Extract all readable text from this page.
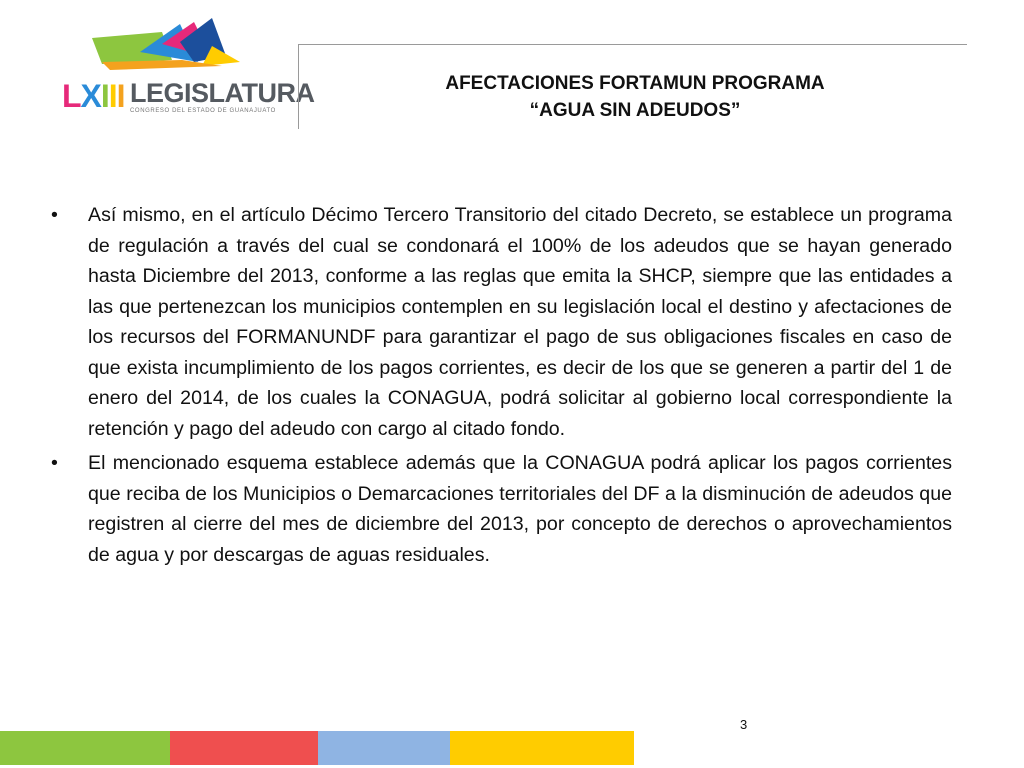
LXIII LEGISLATURA
CONGRESO DEL ESTADO DE GUANAJUATO
AFECTACIONES FORTAMUN PROGRAMA
“AGUA SIN ADEUDOS”
• Así mismo, en el artículo Décimo Tercero Transitorio del citado Decreto, se establece un programa de regulación a través del cual se condonará el 100% de los adeudos que se hayan generado hasta Diciembre del 2013, conforme a las reglas que emita la SHCP, siempre que las entidades a las que pertenezcan los municipios contemplen en su legislación local el destino y afectaciones de los recursos del FORMANUNDF para garantizar el pago de sus obligaciones fiscales en caso de que exista incumplimiento de los pagos corrientes, es decir de los que se generen a partir del 1 de enero del 2014, de los cuales la CONAGUA, podrá solicitar al gobierno local correspondiente la retención y pago del adeudo con cargo al citado fondo.
• El mencionado esquema establece además que la CONAGUA podrá aplicar los pagos corrientes que reciba de los Municipios o Demarcaciones territoriales del DF a la disminución de adeudos que registren al cierre del mes de diciembre del 2013, por concepto de derechos o aprovechamientos de agua y por descargas de aguas residuales.
3
